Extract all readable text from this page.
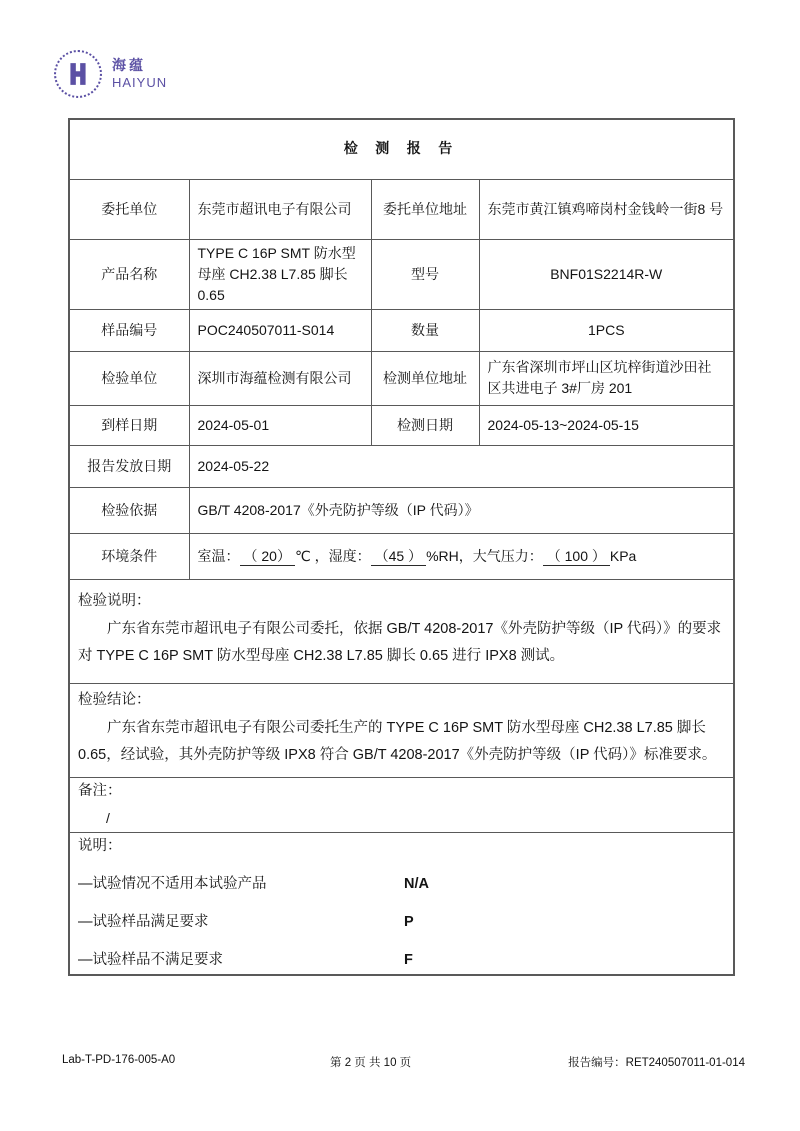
海蕴
HAIYUN
检 测 报 告			
委托单位	东莞市超讯电子有限公司	委托单位地址	东莞市黄江镇鸡啼岗村金钱岭一街8 号
产品名称	TYPE C 16P SMT 防水型母座 CH2.38 L7.85 脚长 0.65	型号	BNF01S2214R-W
样品编号	POC240507011-S014	数量	1PCS
检验单位	深圳市海蕴检测有限公司	检测单位地址	广东省深圳市坪山区坑梓街道沙田社区共进电子 3#厂房 201
到样日期	2024-05-01	检测日期	2024-05-13~2024-05-15
报告发放日期	2024-05-22		
检验依据	GB/T 4208-2017《外壳防护等级（IP 代码）》		
环境条件	室温： （ 20） ℃ ，湿度： （45 ） %RH，大气压力： （ 100 ） KPa		

检验说明：

广东省东莞市超讯电子有限公司委托，依据 GB/T 4208-2017《外壳防护等级（IP 代码）》的要求对 TYPE C 16P SMT 防水型母座 CH2.38 L7.85 脚长 0.65 进行 IPX8 测试。			

检验结论：

广东省东莞市超讯电子有限公司委托生产的 TYPE C 16P SMT 防水型母座 CH2.38 L7.85 脚长 0.65，经试验，其外壳防护等级 IPX8 符合 GB/T 4208-2017《外壳防护等级（IP 代码）》标准要求。			

备注：
/			

说明：
—试验情况不适用本试验产品	N/A
—试验样品满足要求	P
—试验样品不满足要求	F
Lab-T-PD-176-005-A0	第 2 页 共 10 页	报告编号：RET240507011-01-014
